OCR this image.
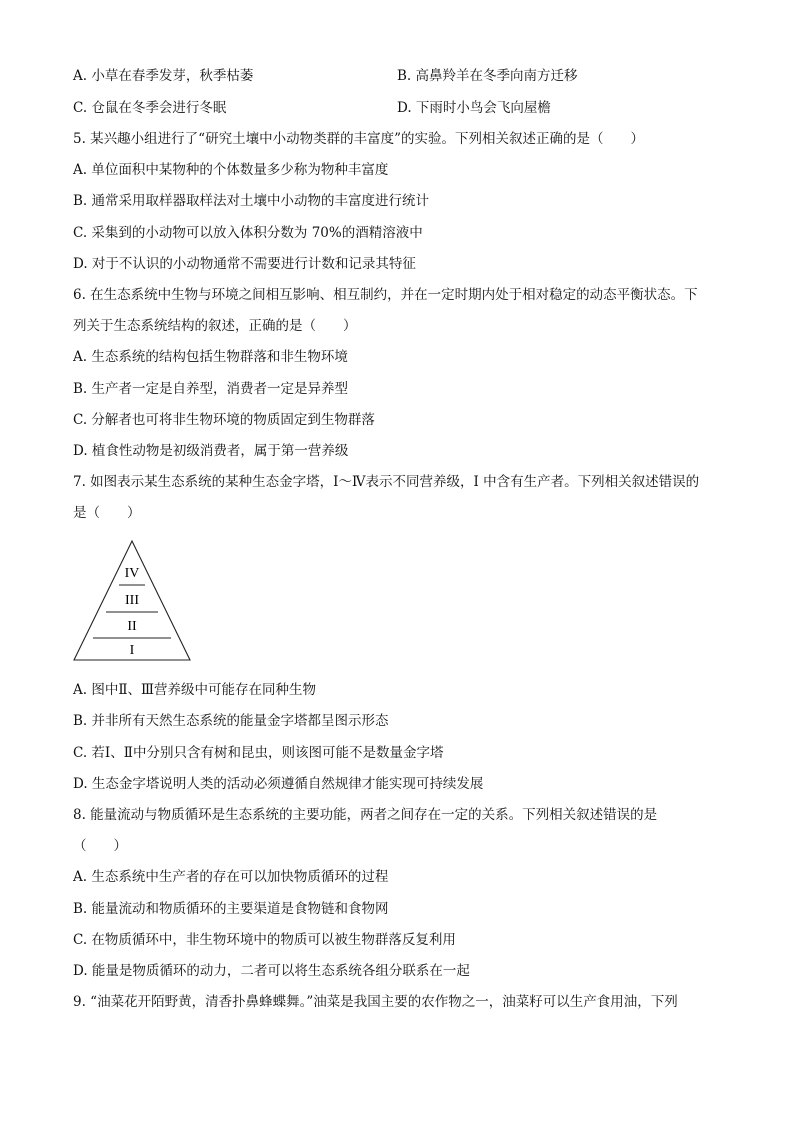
A. 小草在春季发芽，秋季枯萎	B. 高鼻羚羊在冬季向南方迁移
C. 仓鼠在冬季会进行冬眠	D. 下雨时小鸟会飞向屋檐
5. 某兴趣小组进行了“研究土壤中小动物类群的丰富度”的实验。下列相关叙述正确的是（　　）
A. 单位面积中某物种的个体数量多少称为物种丰富度
B. 通常采用取样器取样法对土壤中小动物的丰富度进行统计
C. 采集到的小动物可以放入体积分数为 70%的酒精溶液中
D. 对于不认识的小动物通常不需要进行计数和记录其特征
6. 在生态系统中生物与环境之间相互影响、相互制约，并在一定时期内处于相对稳定的动态平衡状态。下
列关于生态系统结构的叙述，正确的是（　　）
A. 生态系统的结构包括生物群落和非生物环境
B. 生产者一定是自养型，消费者一定是异养型
C. 分解者也可将非生物环境的物质固定到生物群落
D. 植食性动物是初级消费者，属于第一营养级
7. 如图表示某生态系统的某种生态金字塔，I～Ⅳ表示不同营养级，I 中含有生产者。下列相关叙述错误的
是（　　）
IV
III
II
I
A. 图中Ⅱ、Ⅲ营养级中可能存在同种生物
B. 并非所有天然生态系统的能量金字塔都呈图示形态
C. 若Ⅰ、Ⅱ中分别只含有树和昆虫，则该图可能不是数量金字塔
D. 生态金字塔说明人类的活动必须遵循自然规律才能实现可持续发展
8. 能量流动与物质循环是生态系统的主要功能，两者之间存在一定的关系。下列相关叙述错误的是
（　　）
A. 生态系统中生产者的存在可以加快物质循环的过程
B. 能量流动和物质循环的主要渠道是食物链和食物网
C. 在物质循环中，非生物环境中的物质可以被生物群落反复利用
D. 能量是物质循环的动力，二者可以将生态系统各组分联系在一起
9. “油菜花开陌野黄，清香扑鼻蜂蝶舞。”油菜是我国主要的农作物之一，油菜籽可以生产食用油，下列
